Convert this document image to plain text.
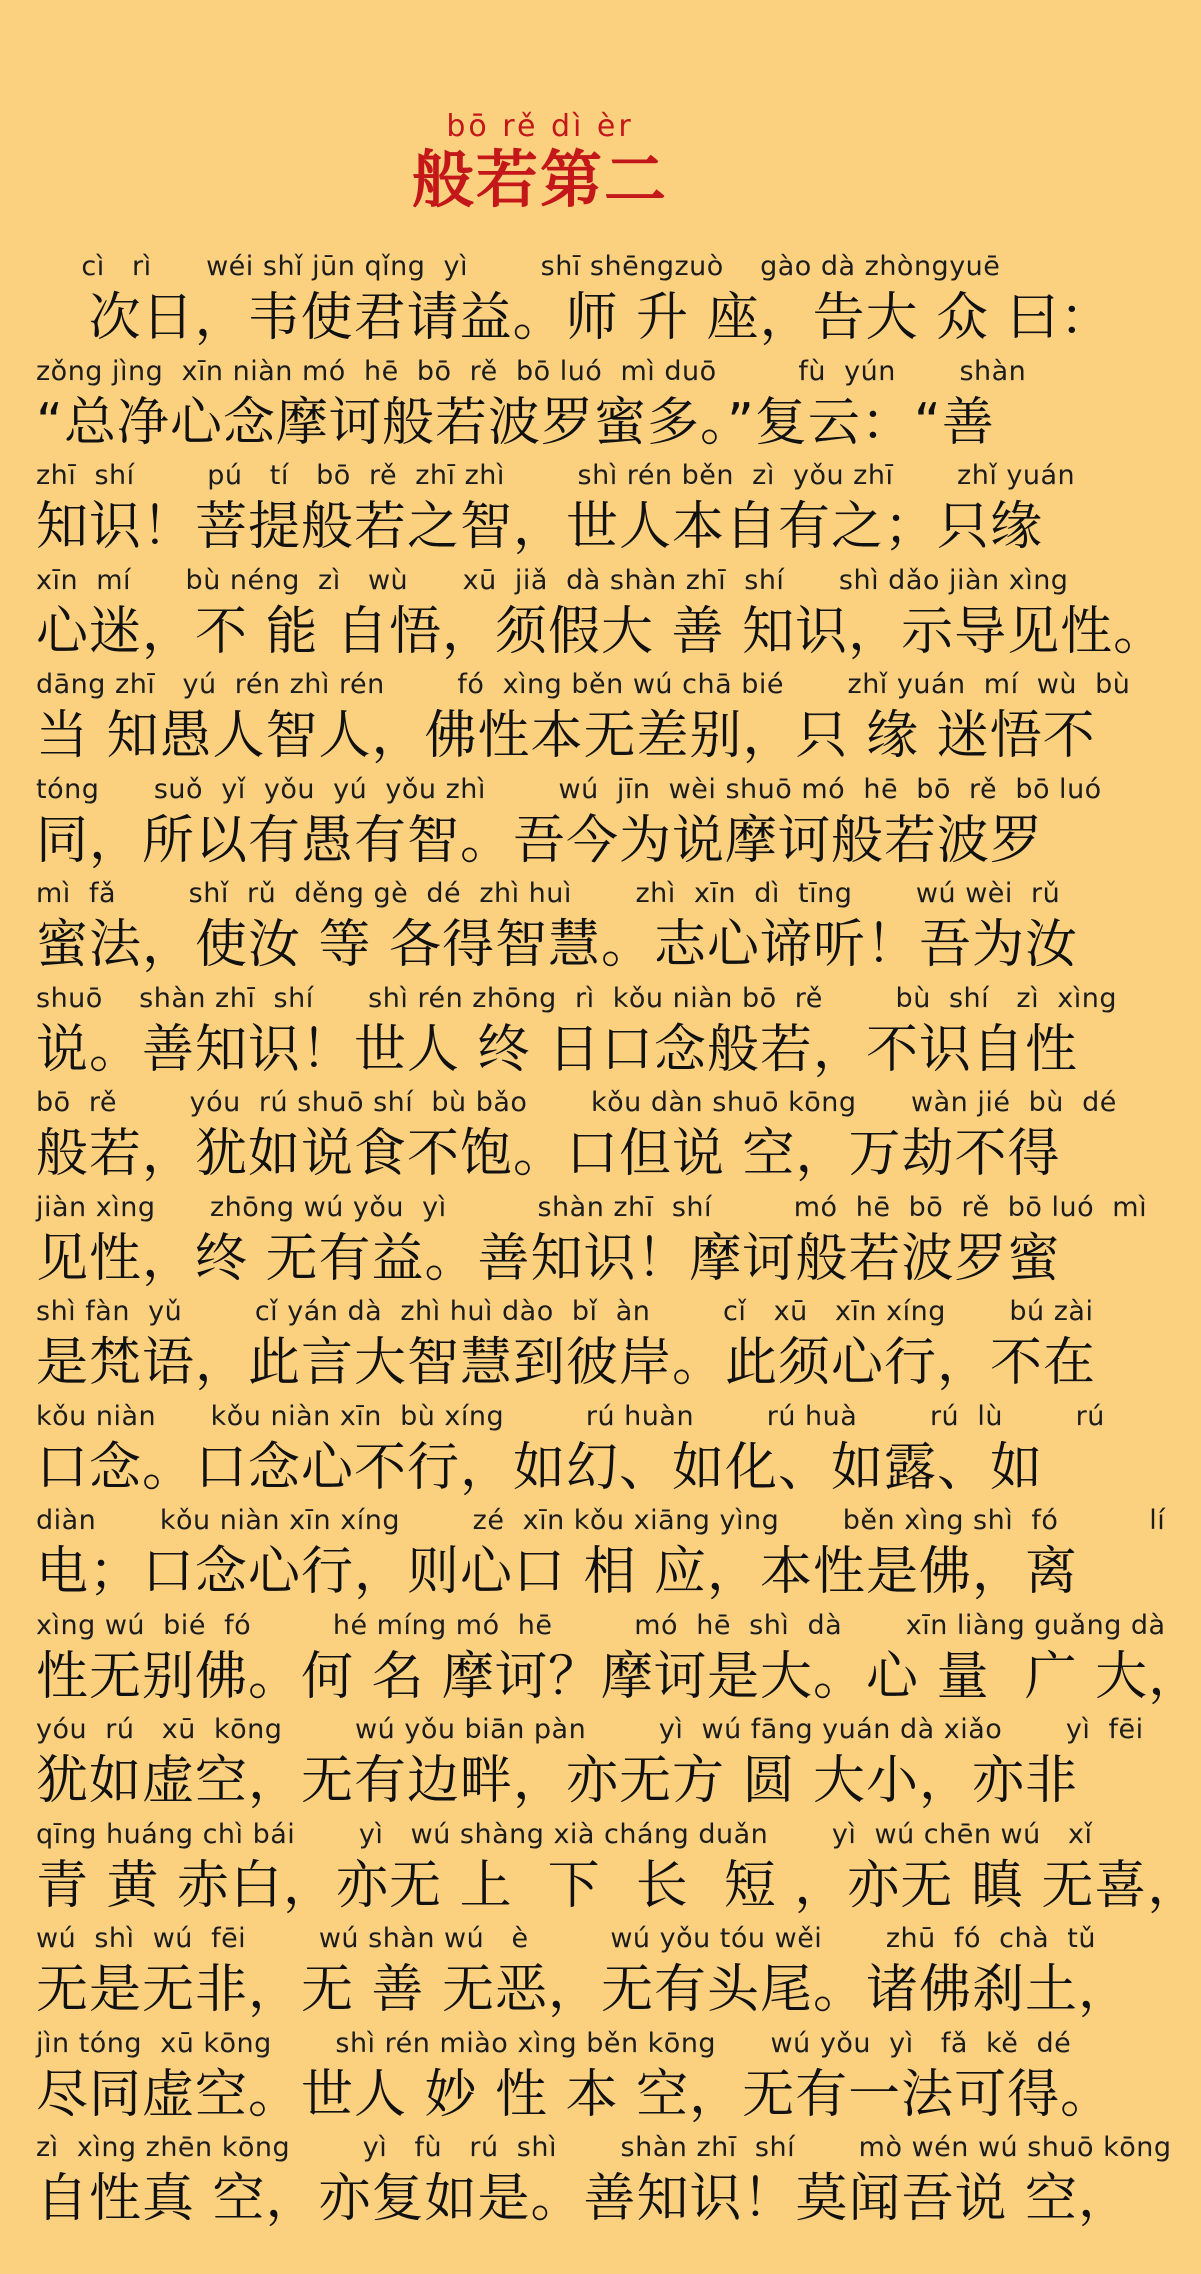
bō rě dì èr
般若第二
cì   rì      wéi shǐ jūn qǐng  yì        shī shēngzuò    gào dà zhòngyuē
次日，韦使君请益。师 升 座，告大 众 曰：
zǒng jìng  xīn niàn mó  hē  bō  rě  bō luó  mì duō         fù  yún       shàn
“总净心念摩诃般若波罗蜜多。”复云：“善
zhī  shí        pú   tí   bō  rě  zhī zhì        shì rén běn  zì  yǒu zhī       zhǐ yuán
知识！菩提般若之智，世人本自有之；只缘
xīn  mí      bù néng  zì   wù      xū  jiǎ  dà shàn zhī  shí      shì dǎo jiàn xìng
心迷，不 能 自悟，须假大 善 知识，示导见性。
dāng zhī   yú  rén zhì rén        fó  xìng běn wú chā bié       zhǐ yuán  mí  wù  bù
当 知愚人智人，佛性本无差别，只 缘 迷悟不
tóng      suǒ  yǐ  yǒu  yú  yǒu zhì        wú  jīn  wèi shuō mó  hē  bō  rě  bō luó
同，所以有愚有智。吾今为说摩诃般若波罗
mì  fǎ        shǐ  rǔ  děng gè  dé  zhì huì       zhì  xīn  dì  tīng       wú wèi  rǔ
蜜法，使汝 等 各得智慧。志心谛听！吾为汝
shuō    shàn zhī  shí      shì rén zhōng  rì  kǒu niàn bō  rě        bù  shí   zì  xìng
说。善知识！世人 终 日口念般若，不识自性
bō  rě        yóu  rú shuō shí  bù bǎo       kǒu dàn shuō kōng      wàn jié  bù  dé
般若，犹如说食不饱。口但说 空，万劫不得
jiàn xìng      zhōng wú yǒu  yì          shàn zhī  shí         mó  hē  bō  rě  bō luó  mì
见性，终 无有益。善知识！摩诃般若波罗蜜
shì fàn  yǔ        cǐ yán dà  zhì huì dào  bǐ  àn        cǐ   xū   xīn xíng       bú zài
是梵语，此言大智慧到彼岸。此须心行，不在
kǒu niàn      kǒu niàn xīn  bù xíng         rú huàn        rú huà        rú  lù        rú
口念。口念心不行，如幻、如化、如露、如
diàn       kǒu niàn xīn xíng        zé  xīn kǒu xiāng yìng       běn xìng shì  fó          lí
电；口念心行，则心口 相 应，本性是佛，离
xìng wú  bié  fó         hé míng mó  hē         mó  hē  shì  dà       xīn liàng guǎng dà
性无别佛。何 名 摩诃？摩诃是大。心 量  广 大，
yóu  rú   xū  kōng        wú yǒu biān pàn        yì  wú fāng yuán dà xiǎo       yì  fēi
犹如虚空，无有边畔，亦无方 圆 大小，亦非
qīng huáng chì bái       yì   wú shàng xià cháng duǎn       yì  wú chēn wú   xǐ
青 黄 赤白，亦无 上  下  长  短 ，亦无 瞋 无喜，
wú  shì  wú  fēi        wú shàn wú   è         wú yǒu tóu wěi       zhū  fó  chà  tǔ
无是无非，无 善 无恶，无有头尾。诸佛刹土，
jìn tóng  xū kōng       shì rén miào xìng běn kōng      wú yǒu  yì   fǎ  kě  dé
尽同虚空。世人 妙 性 本 空，无有一法可得。
zì  xìng zhēn kōng        yì   fù   rú  shì       shàn zhī  shí       mò wén wú shuō kōng
自性真 空，亦复如是。善知识！莫闻吾说 空，
